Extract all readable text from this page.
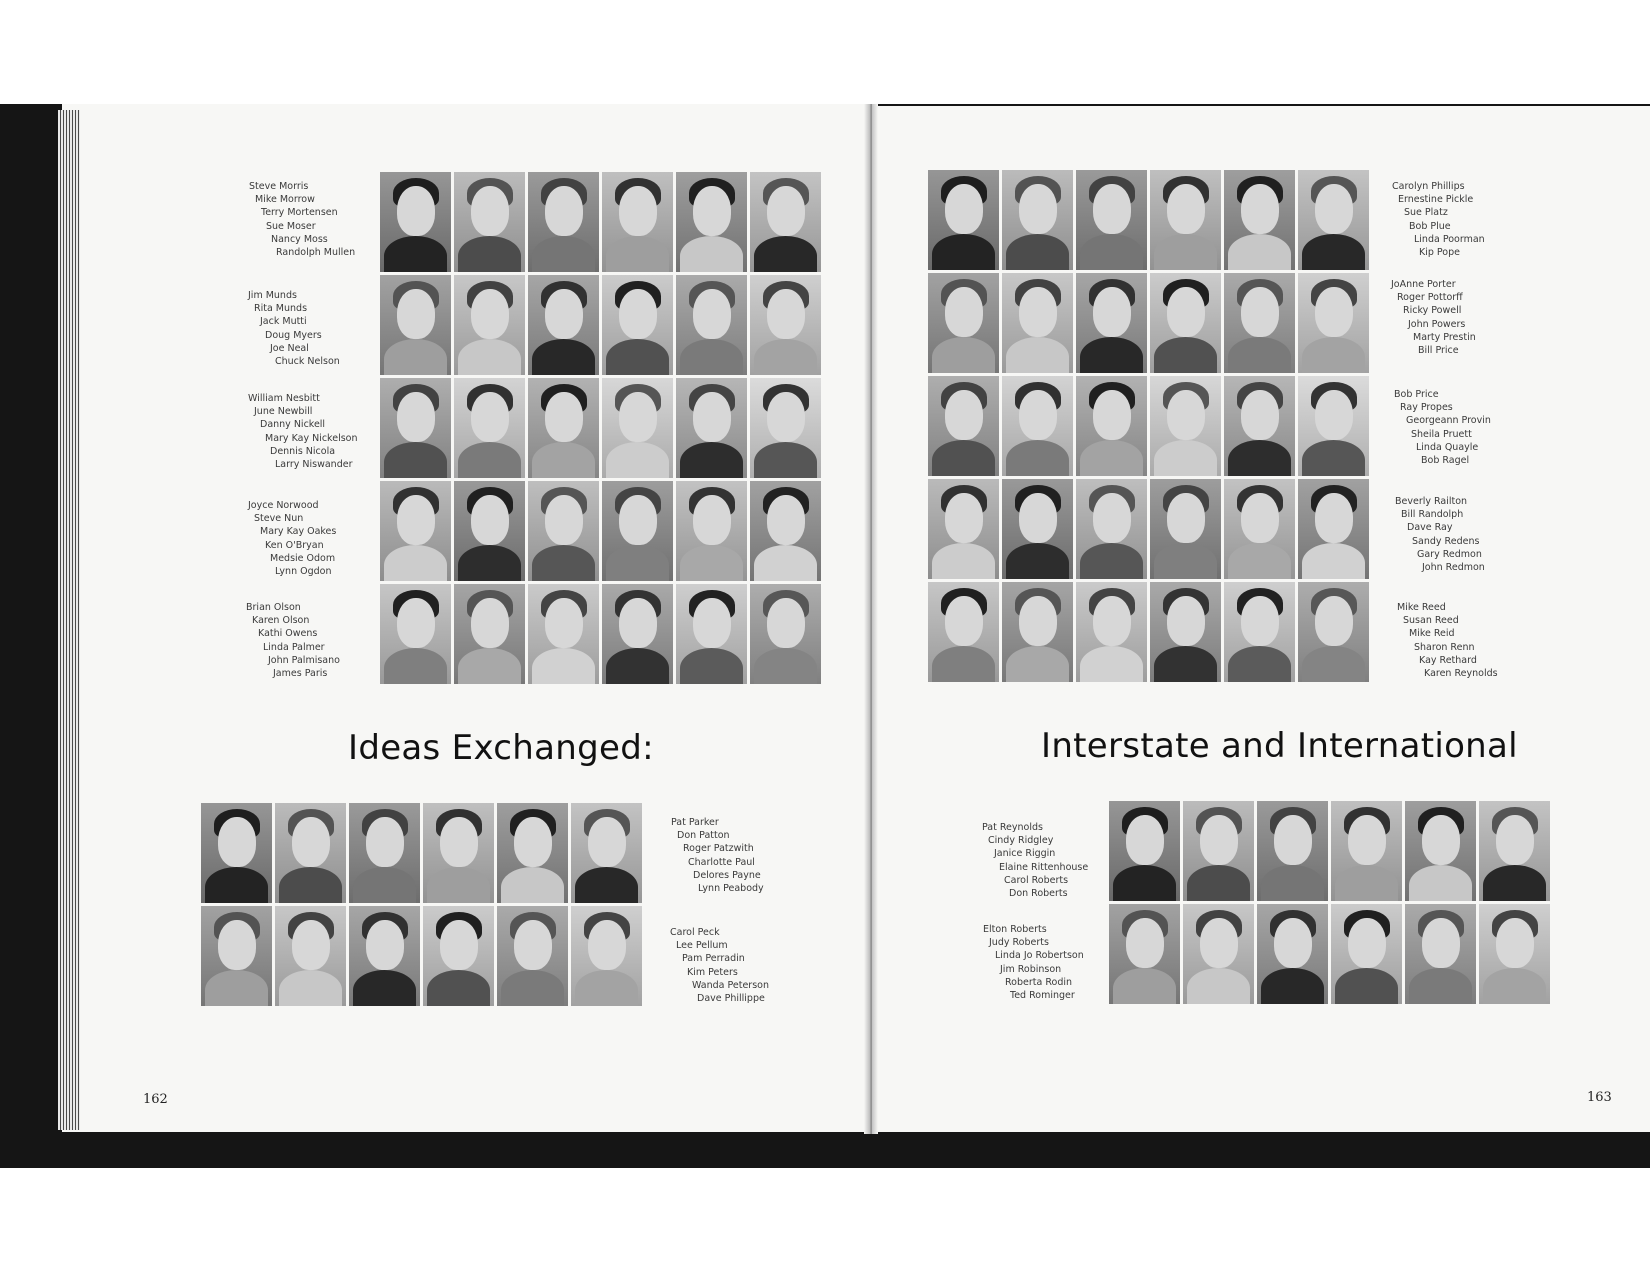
Steve Morris
Mike Morrow
Terry Mortensen
Sue Moser
Nancy Moss
Randolph Mullen
Jim Munds
Rita Munds
Jack Mutti
Doug Myers
Joe Neal
Chuck Nelson
William Nesbitt
June Newbill
Danny Nickell
Mary Kay Nickelson
Dennis Nicola
Larry Niswander
Joyce Norwood
Steve Nun
Mary Kay Oakes
Ken O'Bryan
Medsie Odom
Lynn Ogdon
Brian Olson
Karen Olson
Kathi Owens
Linda Palmer
John Palmisano
James Paris
Carolyn Phillips
Ernestine Pickle
Sue Platz
Bob Plue
Linda Poorman
Kip Pope
JoAnne Porter
Roger Pottorff
Ricky Powell
John Powers
Marty Prestin
Bill Price
Bob Price
Ray Propes
Georgeann Provin
Sheila Pruett
Linda Quayle
Bob Ragel
Beverly Railton
Bill Randolph
Dave Ray
Sandy Redens
Gary Redmon
John Redmon
Mike Reed
Susan Reed
Mike Reid
Sharon Renn
Kay Rethard
Karen Reynolds
Ideas Exchanged:	Interstate and International
Pat Parker
Don Patton
Roger Patzwith
Charlotte Paul
Delores Payne
Lynn Peabody
Carol Peck
Lee Pellum
Pam Perradin
Kim Peters
Wanda Peterson
Dave Phillippe
Pat Reynolds
Cindy Ridgley
Janice Riggin
Elaine Rittenhouse
Carol Roberts
Don Roberts
Elton Roberts
Judy Roberts
Linda Jo Robertson
Jim Robinson
Roberta Rodin
Ted Rominger
162	163
